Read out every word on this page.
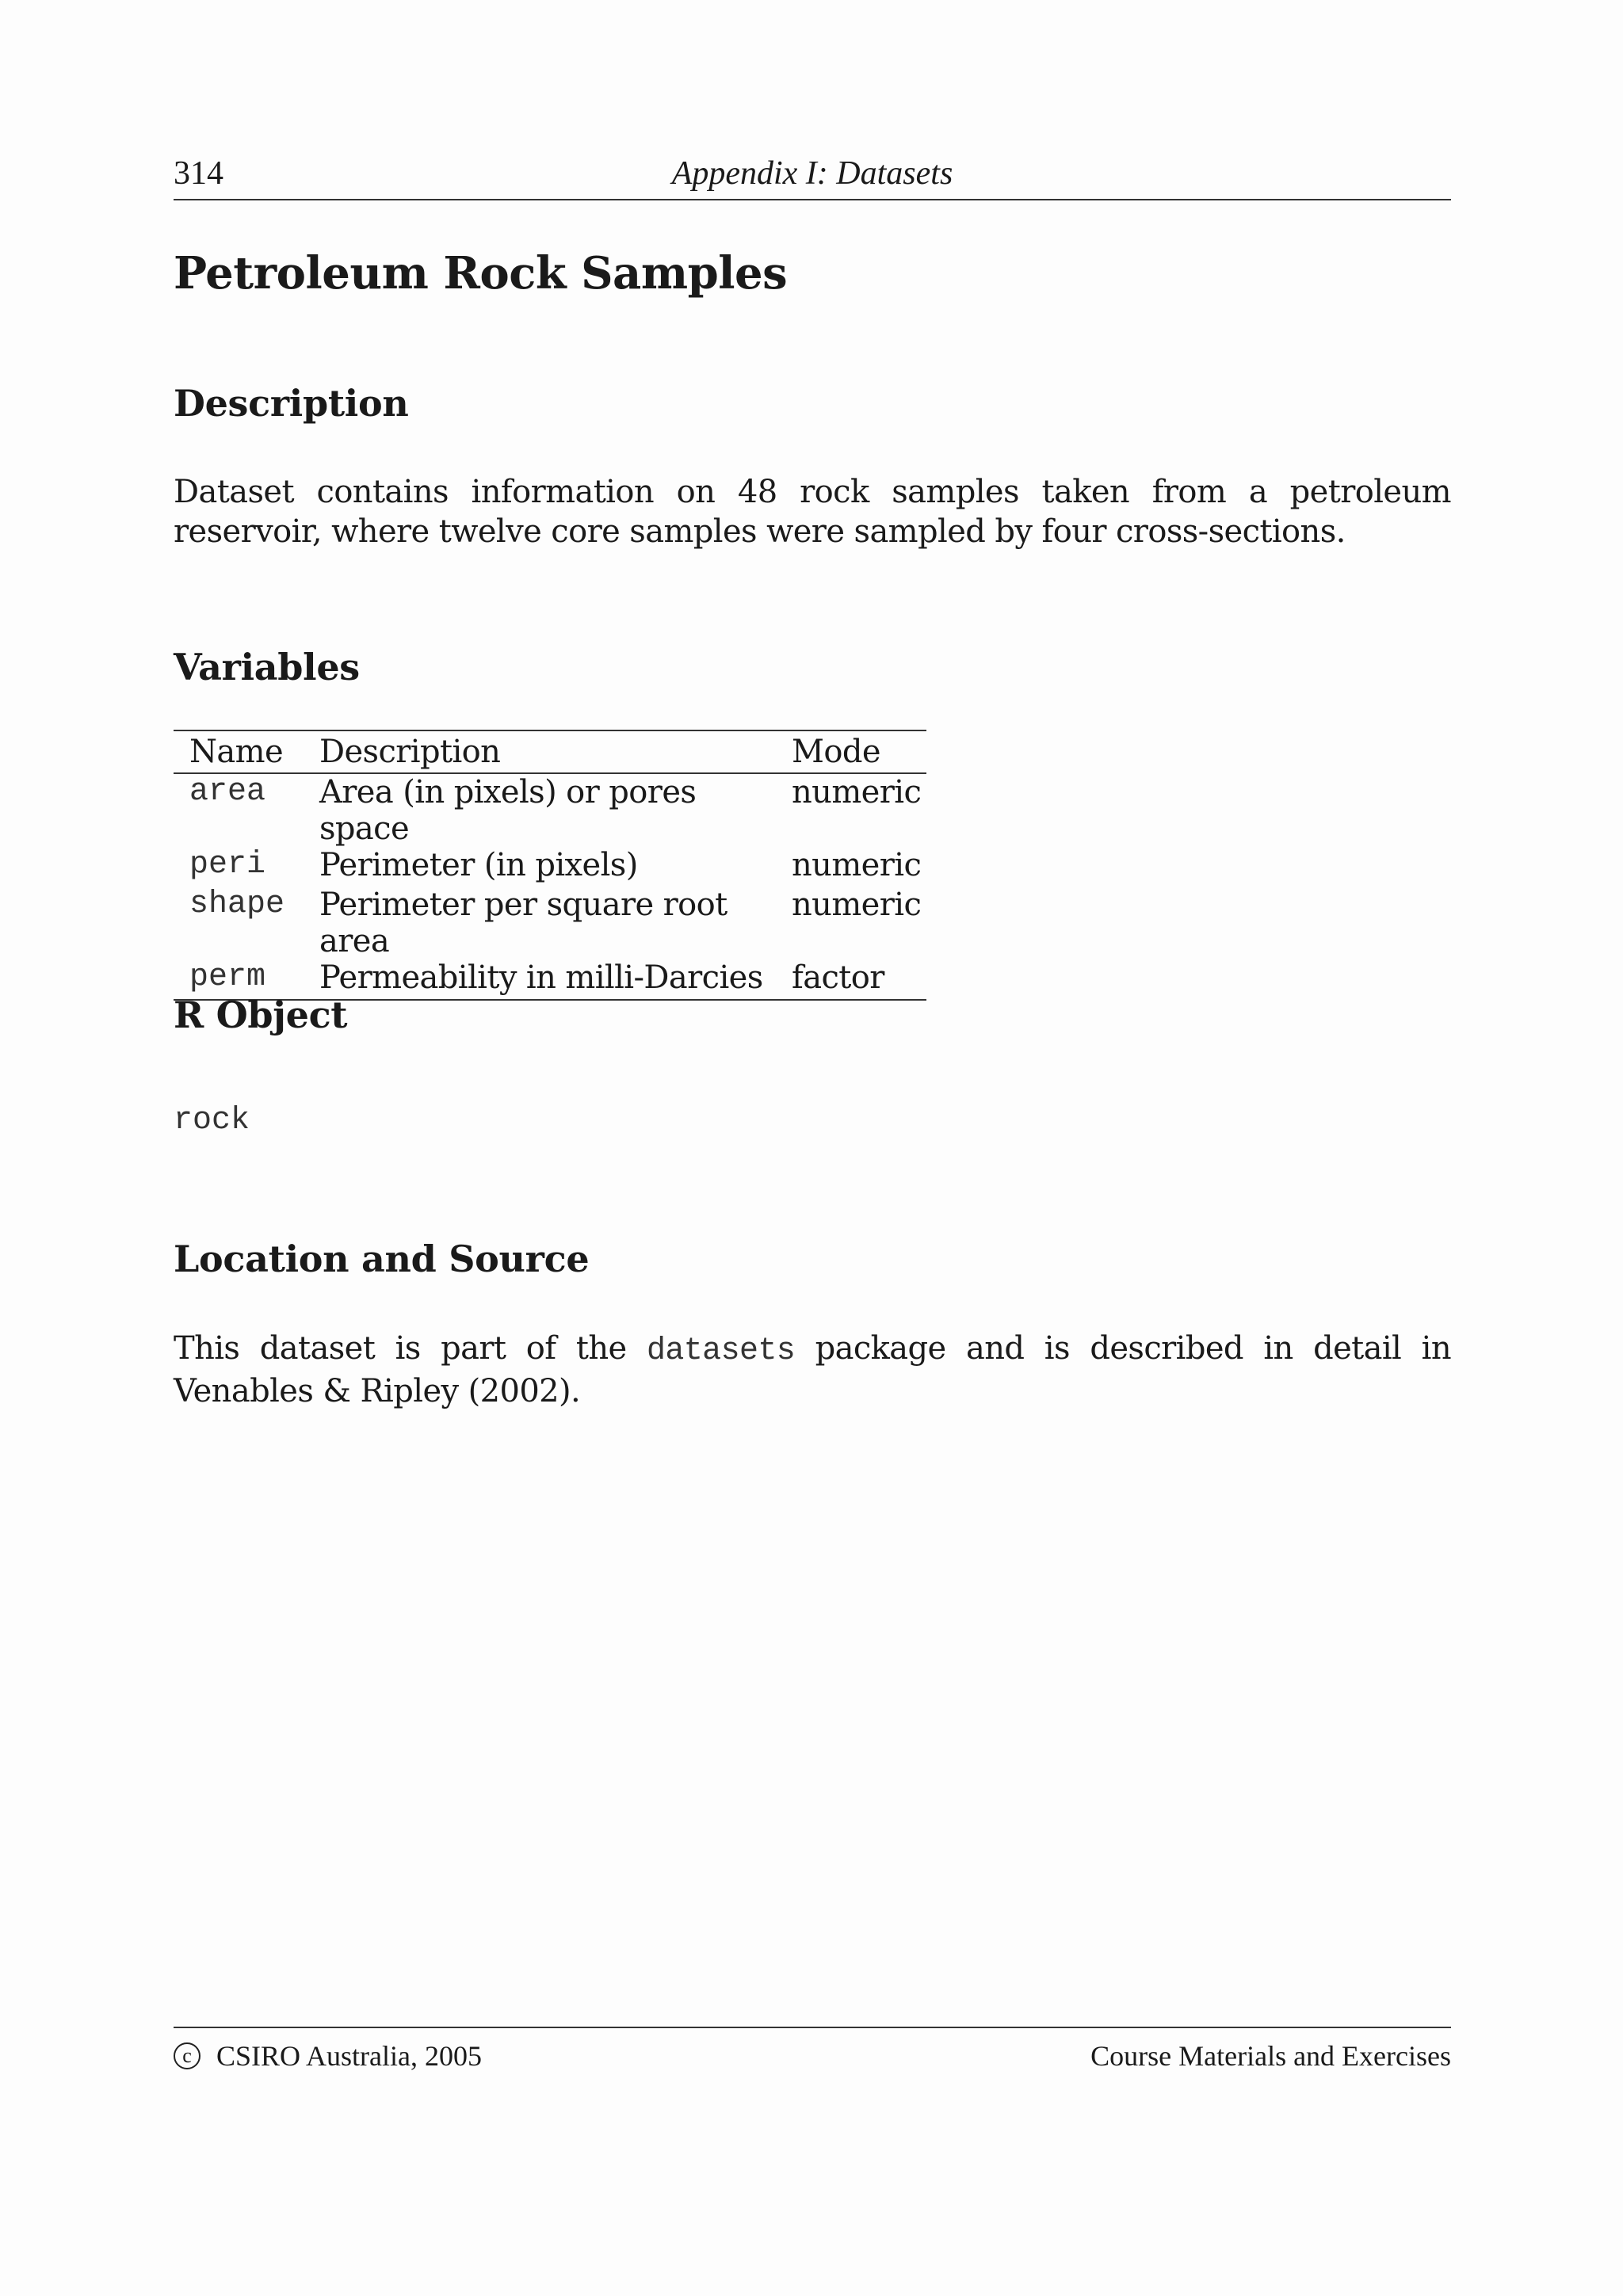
314	Appendix I: Datasets
Petroleum Rock Samples
Description

Dataset contains information on 48 rock samples taken from a petroleum reservoir, where twelve core samples were sampled by four cross-sections.

Variables
Name	Description	Mode
area	Area (in pixels) or pores space	numeric
peri	Perimeter (in pixels)	numeric
shape	Perimeter per square root area	numeric
perm	Permeability in milli-Darcies	factor
R Object

rock

Location and Source

This dataset is part of the datasets package and is described in detail in Venables & Ripley (2002).

c CSIRO Australia, 2005	Course Materials and Exercises
